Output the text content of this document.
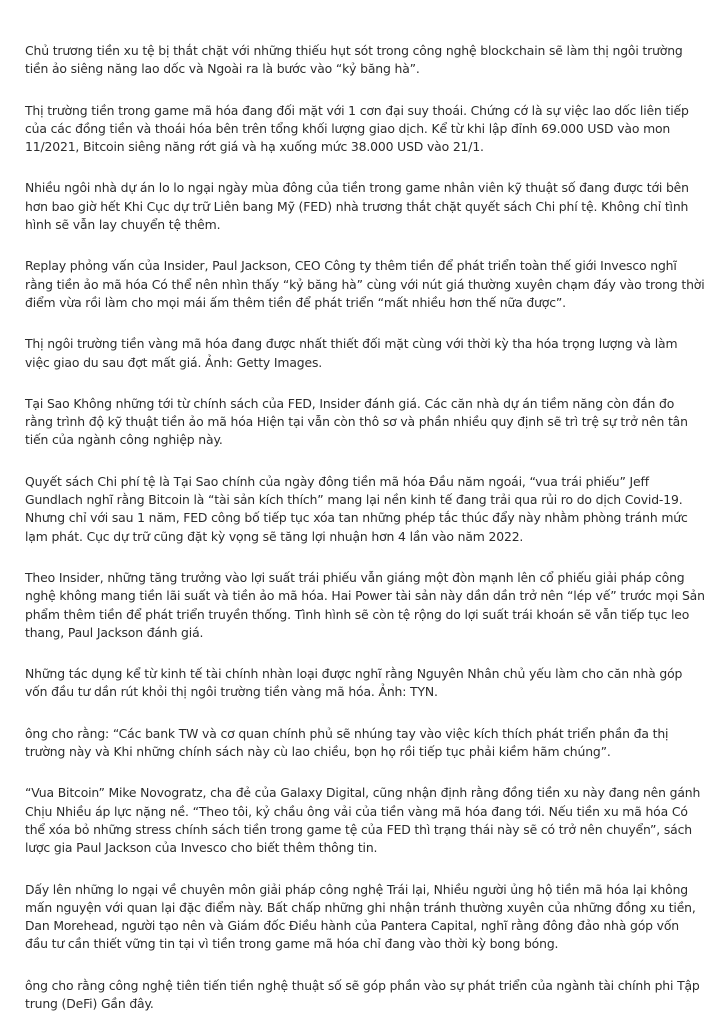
Chủ trương tiền xu tệ bị thắt chặt với những thiếu hụt sót trong công nghệ blockchain sẽ làm thị ngôi trường tiền ảo siêng năng lao dốc và Ngoài ra là bước vào “kỷ băng hà”.

Thị trường tiền trong game mã hóa đang đối mặt với 1 cơn đại suy thoái. Chứng cớ là sự việc lao dốc liên tiếp của các đồng tiền và thoái hóa bên trên tổng khối lượng giao dịch. Kể từ khi lập đỉnh 69.000 USD vào mon 11/2021, Bitcoin siêng năng rớt giá và hạ xuống mức 38.000 USD vào 21/1.

Nhiều ngôi nhà dự án lo lo ngại ngày mùa đông của tiền trong game nhân viên kỹ thuật số đang được tới bên hơn bao giờ hết Khi Cục dự trữ Liên bang Mỹ (FED) nhà trương thắt chặt quyết sách Chi phí tệ. Không chỉ tình hình sẽ vẫn lay chuyển tệ thêm.

Replay phỏng vấn của Insider, Paul Jackson, CEO Công ty thêm tiền để phát triển toàn thế giới Invesco nghĩ rằng tiền ảo mã hóa Có thể nên nhìn thấy “kỷ băng hà” cùng với nút giá thường xuyên chạm đáy vào trong thời điểm vừa rồi làm cho mọi mái ấm thêm tiền để phát triển “mất nhiều hơn thế nữa được”.

Thị ngôi trường tiền vàng mã hóa đang được nhất thiết đối mặt cùng với thời kỳ tha hóa trọng lượng và làm việc giao du sau đợt mất giá. Ảnh: Getty Images.

Tại Sao Không những tới từ chính sách của FED, Insider đánh giá. Các căn nhà dự án tiềm năng còn đắn đo rằng trình độ kỹ thuật tiền ảo mã hóa Hiện tại vẫn còn thô sơ và phần nhiều quy định sẽ trì trệ sự trở nên tân tiến của ngành công nghiệp này.

Quyết sách Chi phí tệ là Tại Sao chính của ngày đông tiền mã hóa Đầu năm ngoái, “vua trái phiếu” Jeff Gundlach nghĩ rằng Bitcoin là “tài sản kích thích” mang lại nền kinh tế đang trải qua rủi ro do dịch Covid-19. Nhưng chỉ với sau 1 năm, FED công bố tiếp tục xóa tan những phép tắc thúc đẩy này nhằm phòng tránh mức lạm phát. Cục dự trữ cũng đặt kỳ vọng sẽ tăng lợi nhuận hơn 4 lần vào năm 2022.

Theo Insider, những tăng trưởng vào lợi suất trái phiếu vẫn giáng một đòn mạnh lên cổ phiếu giải pháp công nghệ không mang tiền lãi suất và tiền ảo mã hóa. Hai Power tài sản này dần dần trở nên “lép vế” trước mọi Sản phẩm thêm tiền để phát triển truyền thống. Tình hình sẽ còn tệ rộng do lợi suất trái khoán sẽ vẫn tiếp tục leo thang, Paul Jackson đánh giá.

Những tác dụng kể từ kinh tế tài chính nhàn loại được nghĩ rằng Nguyên Nhân chủ yếu làm cho căn nhà góp vốn đầu tư dần rút khỏi thị ngôi trường tiền vàng mã hóa. Ảnh: TYN.

ông cho rằng: “Các bank TW và cơ quan chính phủ sẽ nhúng tay vào việc kích thích phát triển phần đa thị trường này và Khi những chính sách này cù lao chiều, bọn họ rồi tiếp tục phải kiềm hãm chúng”.

“Vua Bitcoin” Mike Novogratz, cha đẻ của Galaxy Digital, cũng nhận định rằng đồng tiền xu này đang nên gánh Chịu Nhiều áp lực nặng nề. “Theo tôi, kỷ chầu ông vải của tiền vàng mã hóa đang tới. Nếu tiền xu mã hóa Có thể xóa bỏ những stress chính sách tiền trong game tệ của FED thì trạng thái này sẽ có trở nên chuyển”, sách lược gia Paul Jackson của Invesco cho biết thêm thông tin.

Dấy lên những lo ngại về chuyên môn giải pháp công nghệ Trái lại, Nhiều người ủng hộ tiền mã hóa lại không mấn nguyện với quan lại đặc điểm này. Bất chấp những ghi nhận tránh thường xuyên của những đồng xu tiền, Dan Morehead, người tạo nên và Giám đốc Điều hành của Pantera Capital, nghĩ rằng đông đảo nhà góp vốn đầu tư cần thiết vững tin tại vì tiền trong game mã hóa chỉ đang vào thời kỳ bong bóng.

ông cho rằng công nghệ tiên tiến tiền nghệ thuật số sẽ góp phần vào sự phát triển của ngành tài chính phi Tập trung (DeFi) Gần đây.
